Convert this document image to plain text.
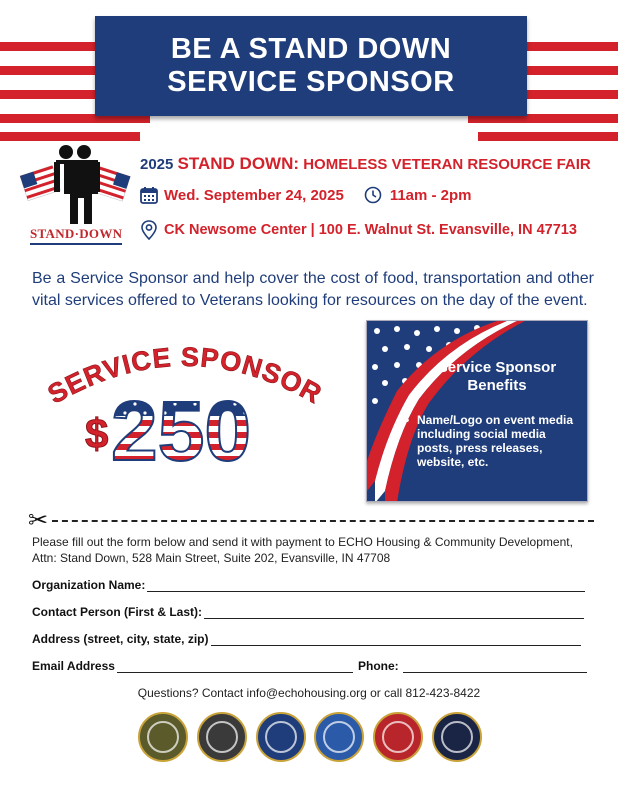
BE A STAND DOWN
SERVICE SPONSOR
STAND·DOWN
2025 STAND DOWN: HOMELESS VETERAN RESOURCE FAIR
Wed. September 24, 2025	11am - 2pm
CK Newsome Center | 100 E. Walnut St. Evansville, IN 47713

Be a Service Sponsor and help cover the cost of food, transportation and other vital services offered to Veterans looking for resources on the day of the event.

SERVICE SPONSOR
$ 250
Service Sponsor Benefits
• Name/Logo on event media including social media posts, press releases, website, etc.
✂

Please fill out the form below and send it with payment to ECHO Housing & Community Development, Attn: Stand Down, 528 Main Street, Suite 202, Evansville, IN 47708

Organization Name:
Contact Person (First & Last):
Address (street, city, state, zip)
Email Address	Phone:

Questions? Contact info@echohousing.org or call 812-423-8422
